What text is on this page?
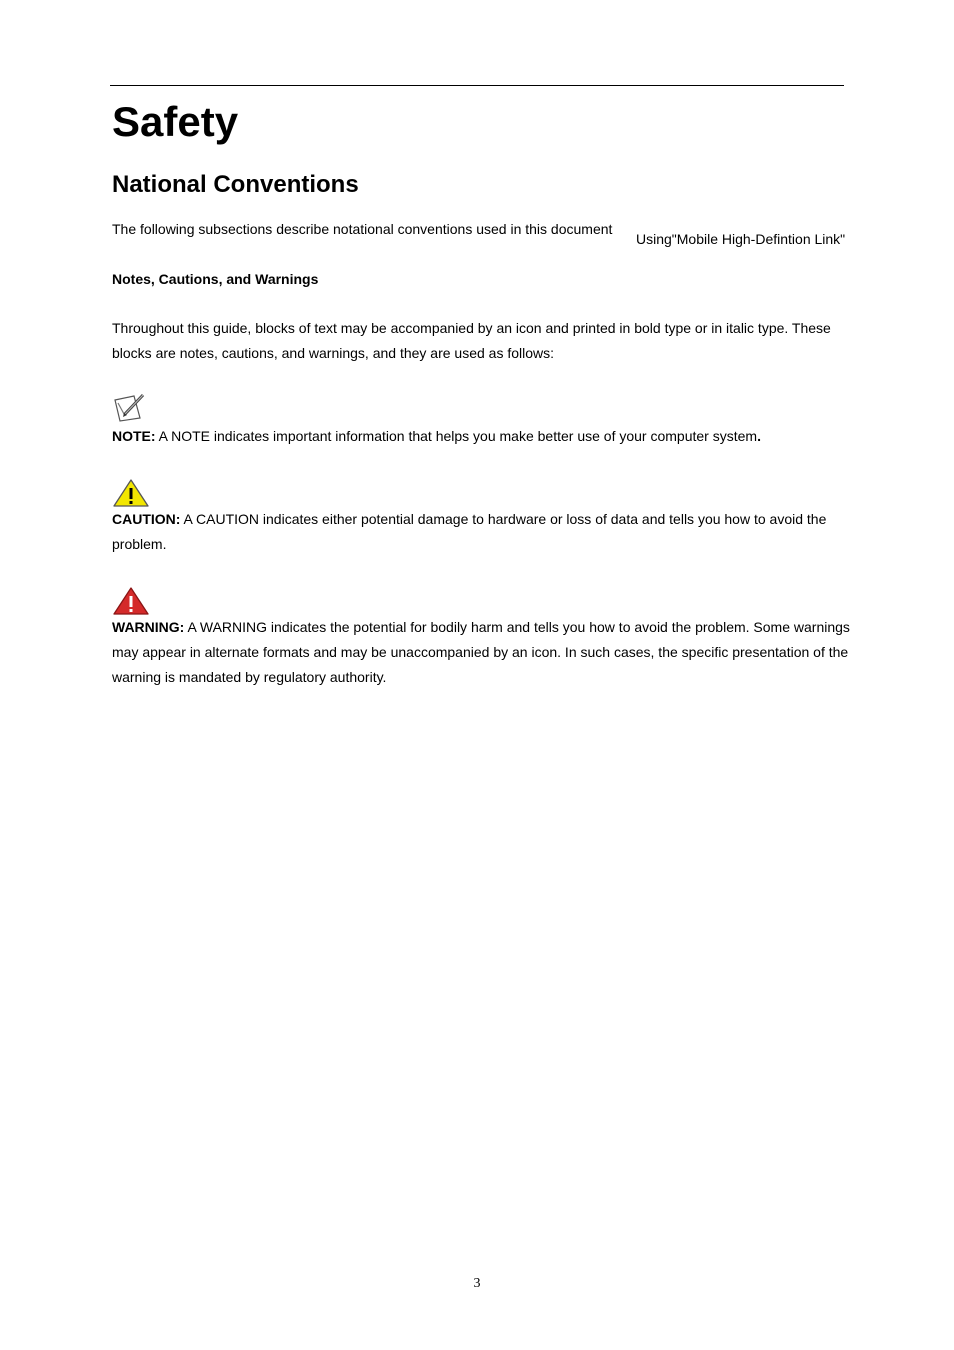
Safety
National Conventions
The following subsections describe notational conventions used in this document
Using"Mobile High-Defintion Link"
Notes, Cautions, and Warnings
Throughout this guide, blocks of text may be accompanied by an icon and printed in bold type or in italic type. These blocks are notes, cautions, and warnings, and they are used as follows:
NOTE: A NOTE indicates important information that helps you make better use of your computer system.
CAUTION: A CAUTION indicates either potential damage to hardware or loss of data and tells you how to avoid the problem.
WARNING: A WARNING indicates the potential for bodily harm and tells you how to avoid the problem. Some warnings may appear in alternate formats and may be unaccompanied by an icon. In such cases, the specific presentation of the warning is mandated by regulatory authority.
3
